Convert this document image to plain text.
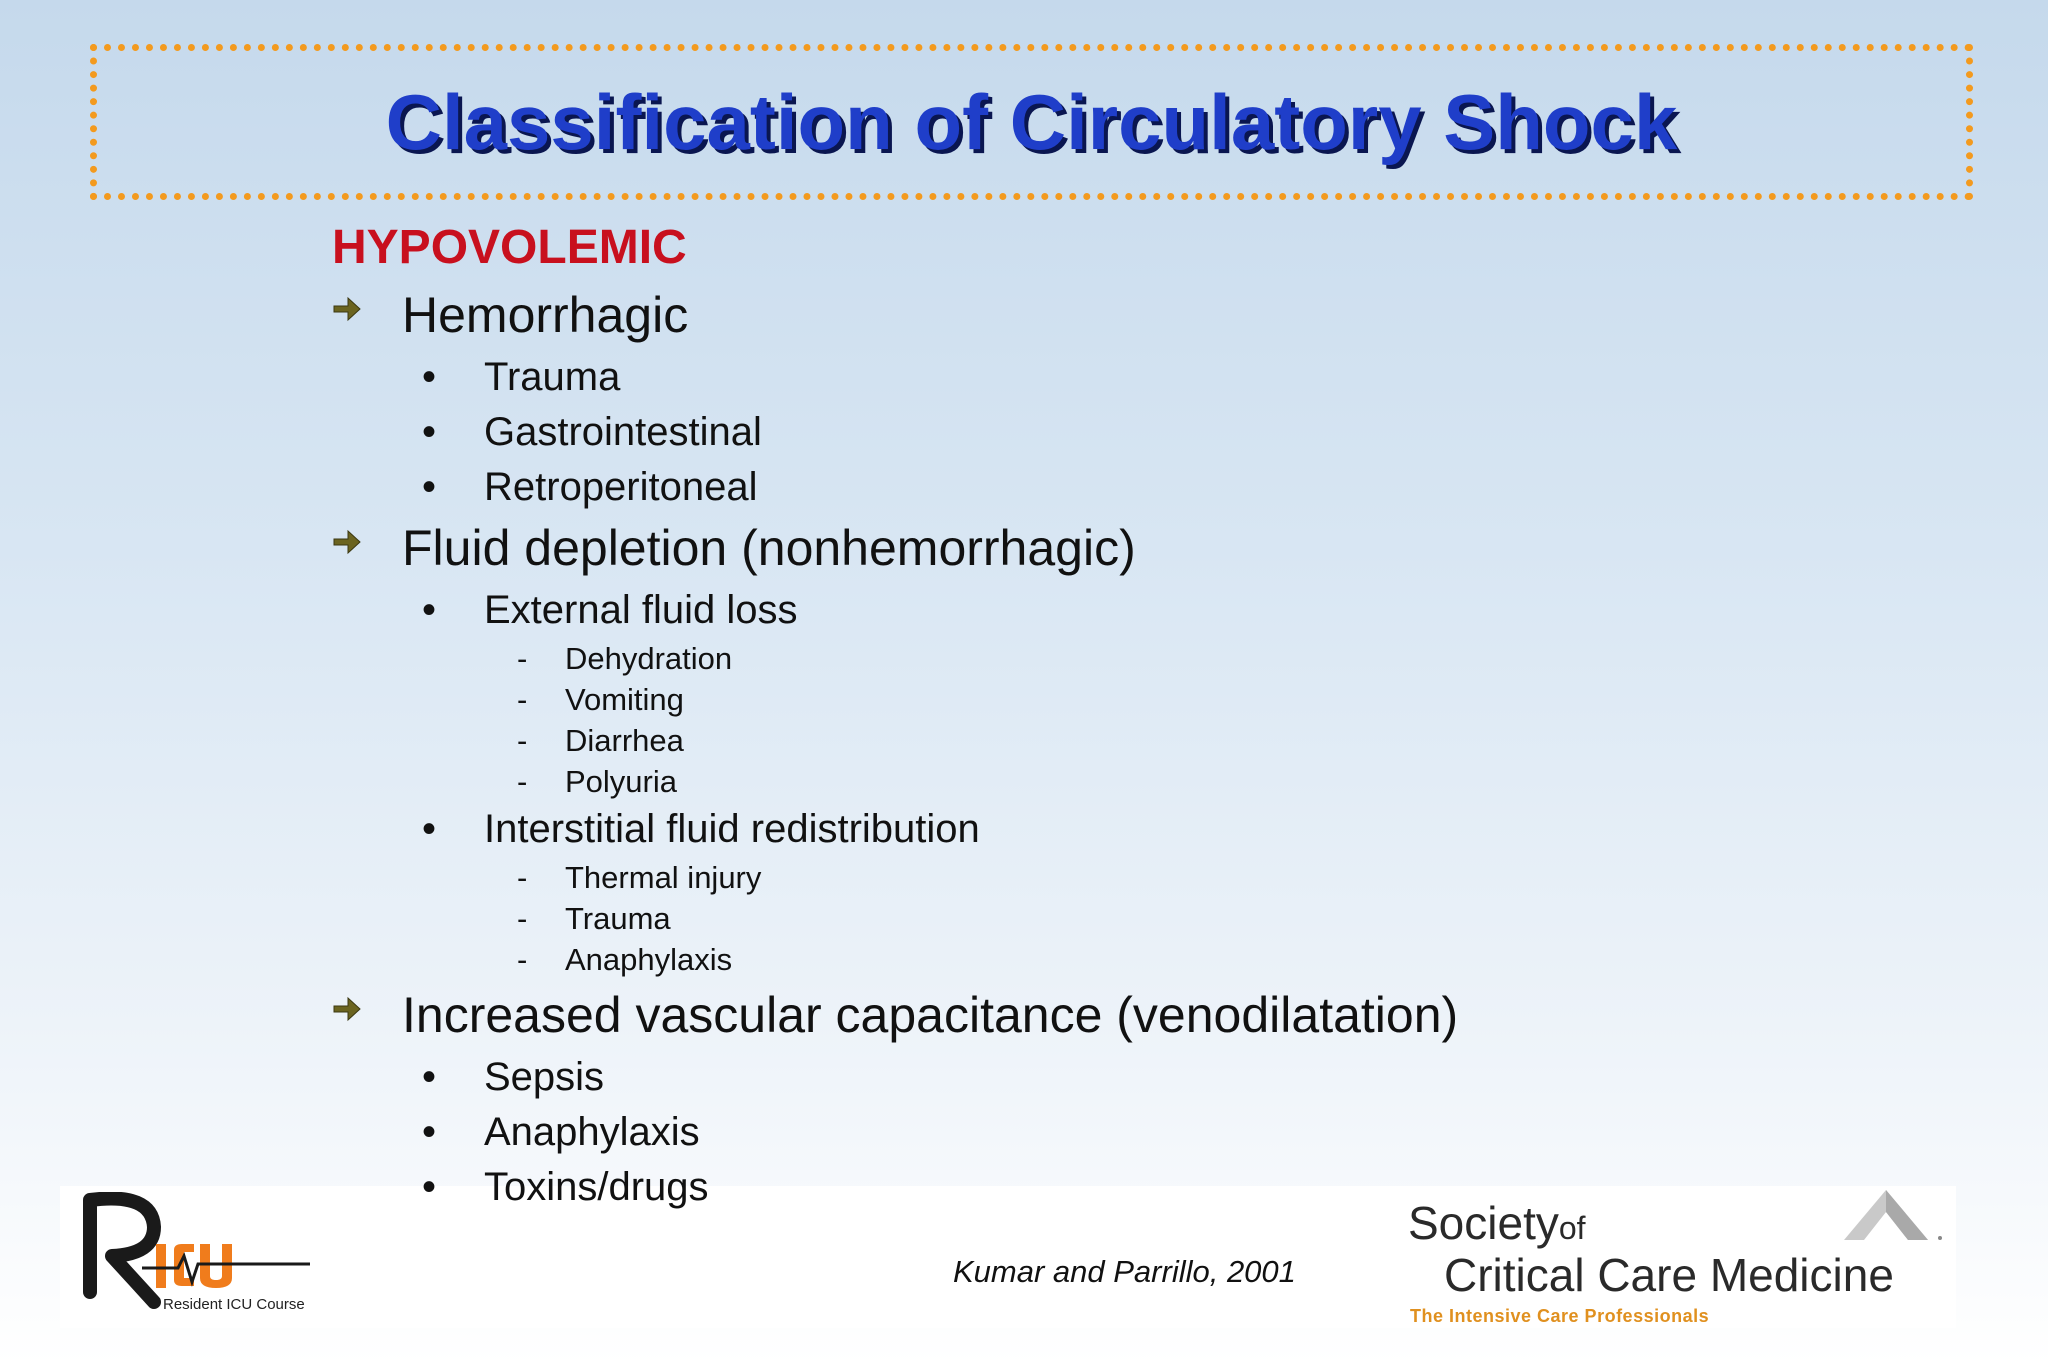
Classification of Circulatory Shock
HYPOVOLEMIC
Hemorrhagic
• Trauma
• Gastrointestinal
• Retroperitoneal
Fluid depletion (nonhemorrhagic)
• External fluid loss
- Dehydration
- Vomiting
- Diarrhea
- Polyuria
• Interstitial fluid redistribution
- Thermal injury
- Trauma
- Anaphylaxis
Increased vascular capacitance (venodilatation)
• Sepsis
• Anaphylaxis
• Toxins/drugs
Resident ICU Course
Kumar and Parrillo, 2001
Societyof
Critical Care Medicine
The Intensive Care Professionals
